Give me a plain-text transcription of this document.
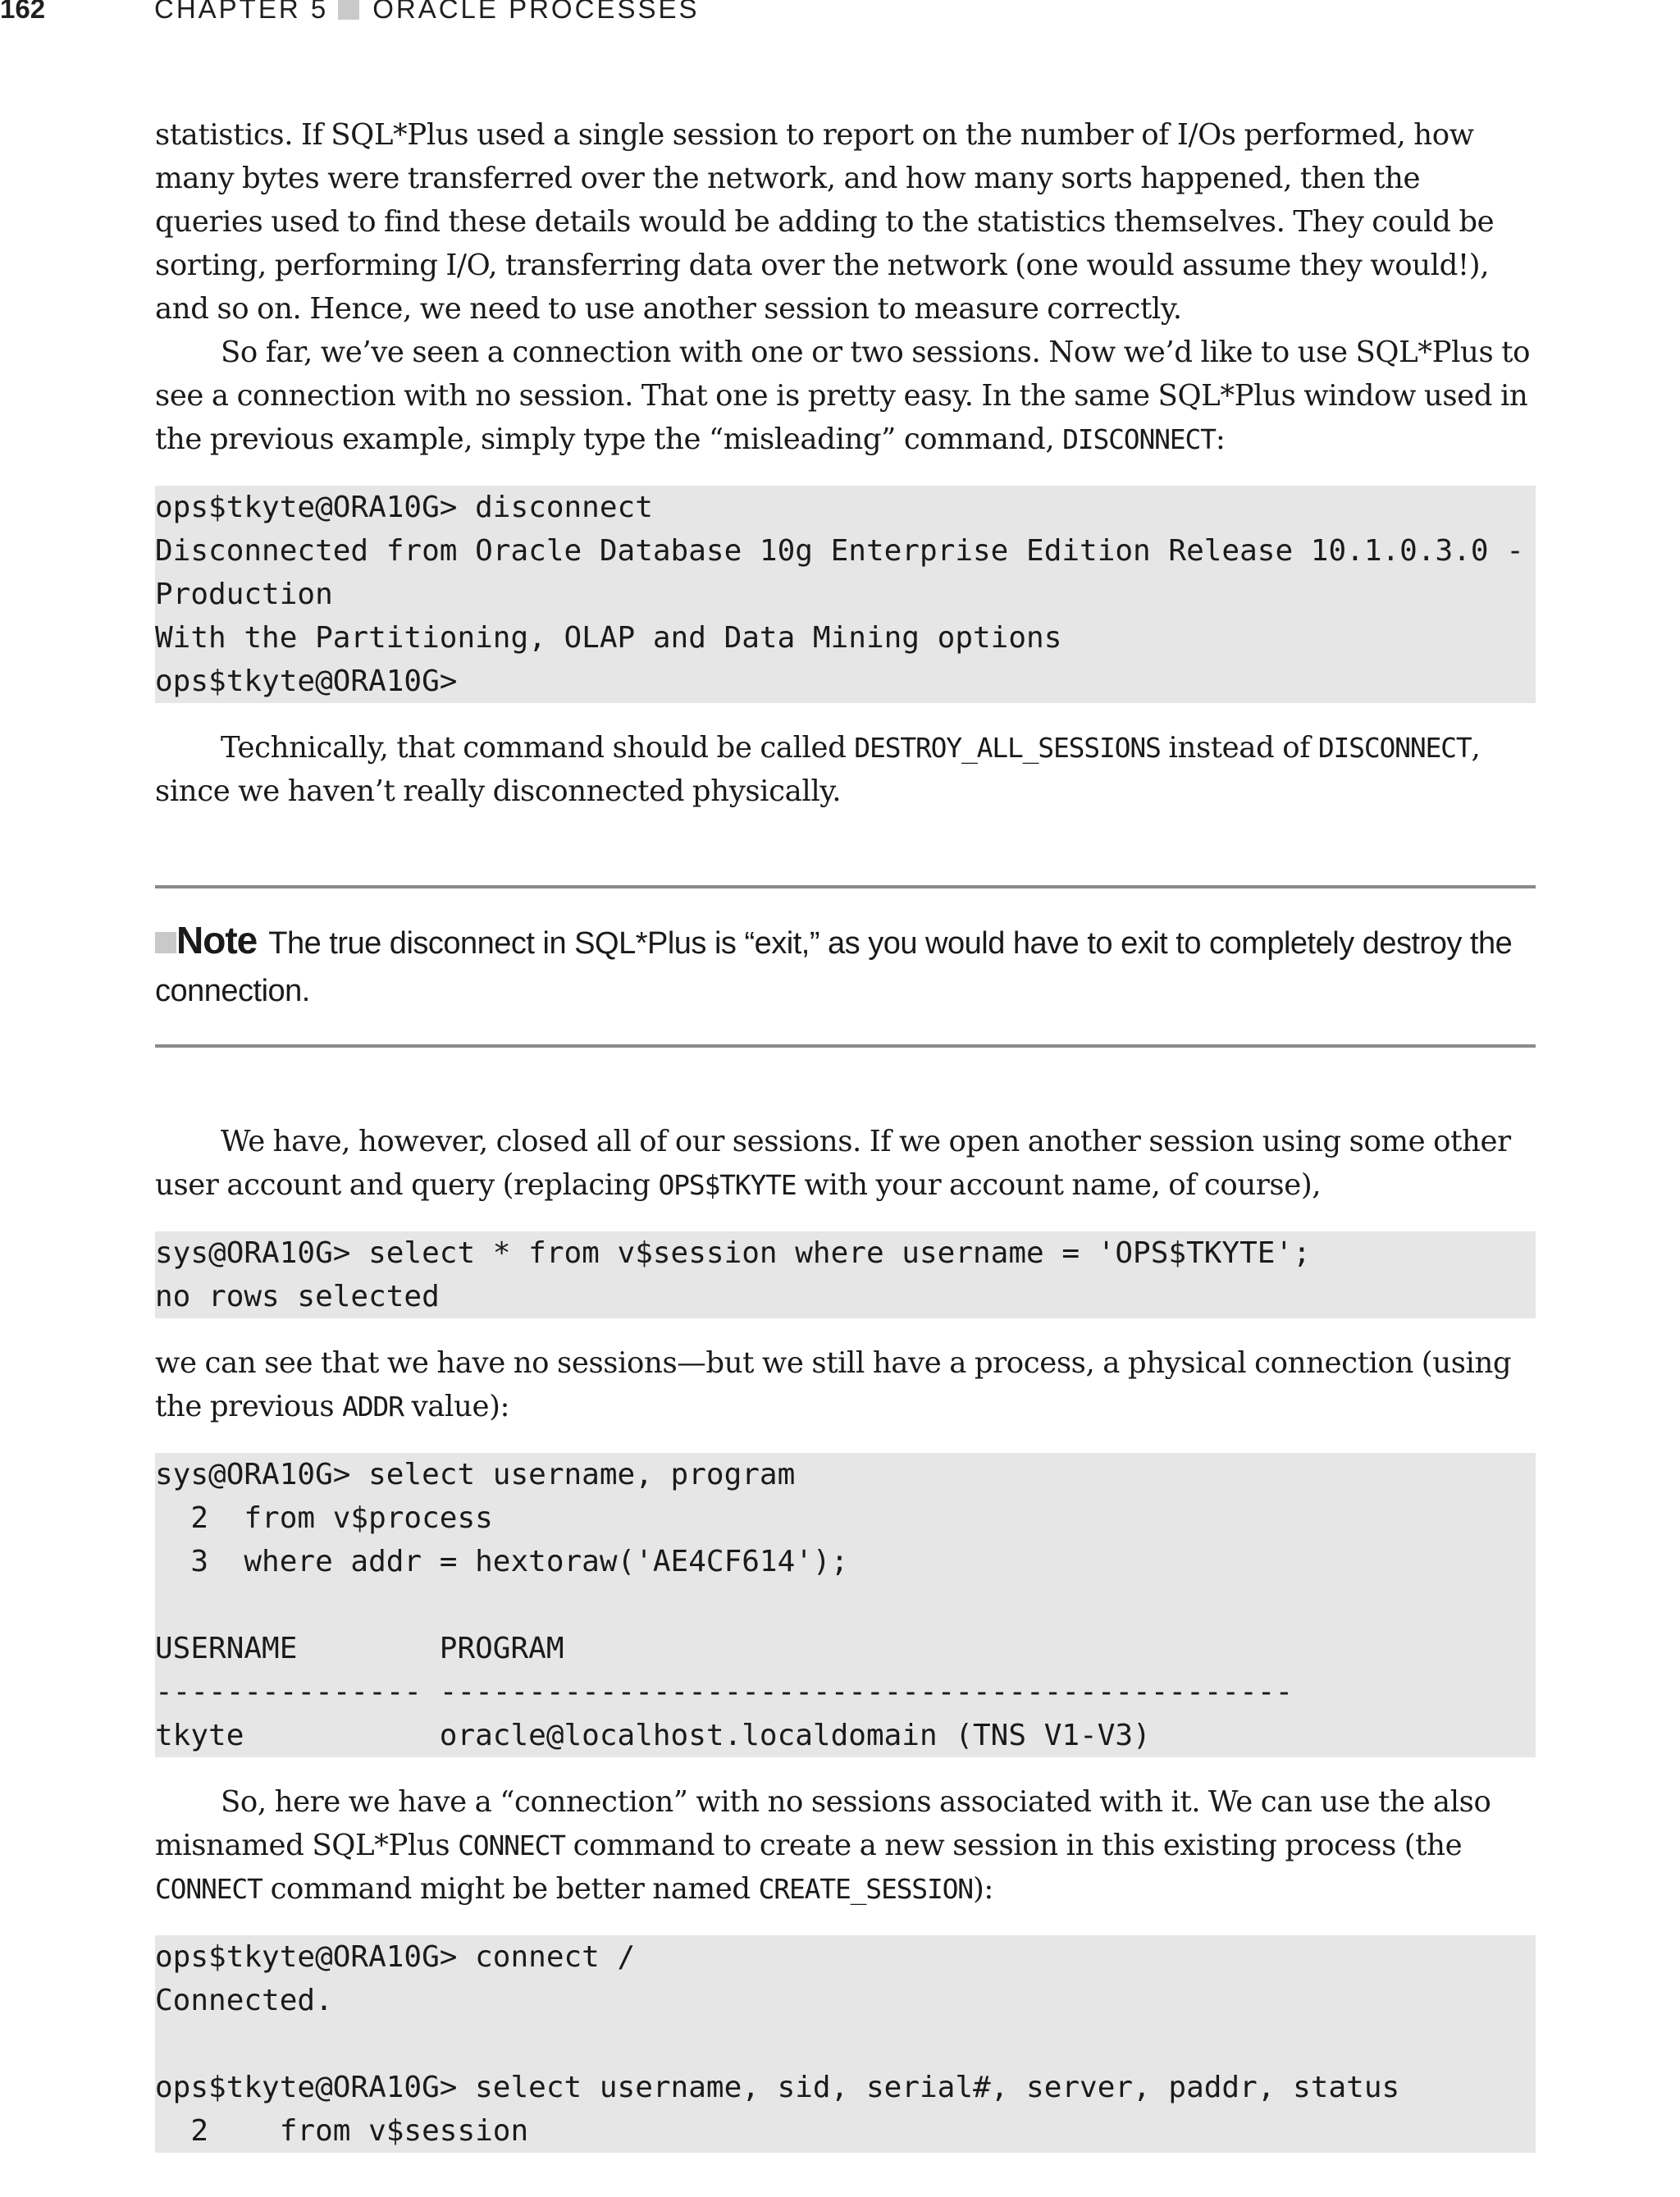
162	CHAPTER 5 ORACLE PROCESSES

statistics. If SQL*Plus used a single session to report on the number of I/Os performed, how many bytes were transferred over the network, and how many sorts happened, then the queries used to find these details would be adding to the statistics themselves. They could be sorting, performing I/O, transferring data over the network (one would assume they would!), and so on. Hence, we need to use another session to measure correctly.

So far, we’ve seen a connection with one or two sessions. Now we’d like to use SQL*Plus to see a connection with no session. That one is pretty easy. In the same SQL*Plus window used in the previous example, simply type the “misleading” command, DISCONNECT:

ops$tkyte@ORA10G> disconnect
Disconnected from Oracle Database 10g Enterprise Edition Release 10.1.0.3.0 -
Production
With the Partitioning, OLAP and Data Mining options
ops$tkyte@ORA10G>

Technically, that command should be called DESTROY_ALL_SESSIONS instead of DISCONNECT, since we haven’t really disconnected physically.

Note The true disconnect in SQL*Plus is “exit,” as you would have to exit to completely destroy the connection.

We have, however, closed all of our sessions. If we open another session using some other user account and query (replacing OPS$TKYTE with your account name, of course),

sys@ORA10G> select * from v$session where username = 'OPS$TKYTE';
no rows selected

we can see that we have no sessions—but we still have a process, a physical connection (using the previous ADDR value):

sys@ORA10G> select username, program
2  from v$process
3  where addr = hextoraw('AE4CF614');

USERNAME        PROGRAM
--------------- ------------------------------------------------
tkyte           oracle@localhost.localdomain (TNS V1-V3)

So, here we have a “connection” with no sessions associated with it. We can use the also misnamed SQL*Plus CONNECT command to create a new session in this existing process (the CONNECT command might be better named CREATE_SESSION):

ops$tkyte@ORA10G> connect /
Connected.

ops$tkyte@ORA10G> select username, sid, serial#, server, paddr, status
2    from v$session
